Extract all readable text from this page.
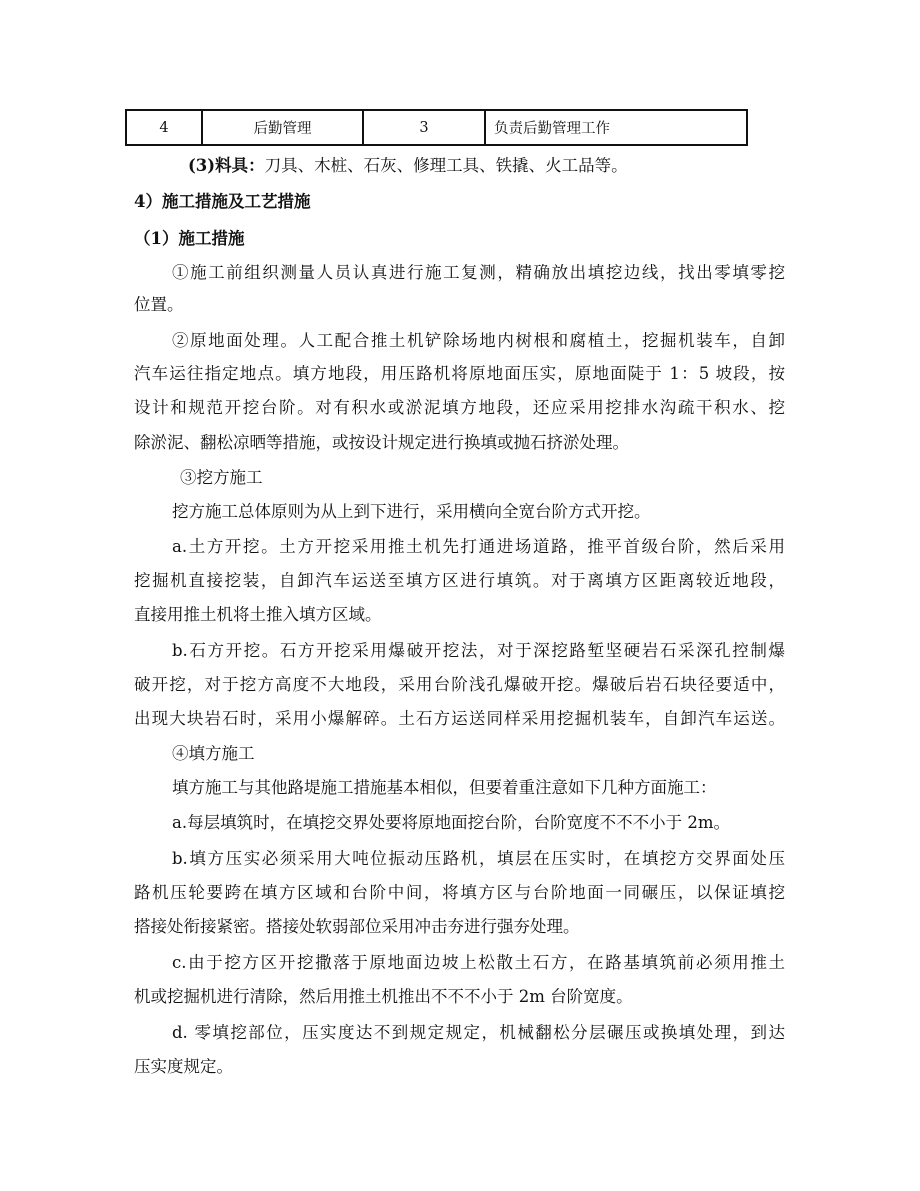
4	后勤管理	3	负责后勤管理工作
(3)料具：刀具、木桩、石灰、修理工具、铁撬、火工品等。
4）施工措施及工艺措施
（1）施工措施
①施工前组织测量人员认真进行施工复测，精确放出填挖边线，找出零填零挖
位置。
②原地面处理。人工配合推土机铲除场地内树根和腐植土，挖掘机装车，自卸
汽车运往指定地点。填方地段，用压路机将原地面压实，原地面陡于 1：5 坡段，按
设计和规范开挖台阶。对有积水或淤泥填方地段，还应采用挖排水沟疏干积水、挖
除淤泥、翻松凉晒等措施，或按设计规定进行换填或抛石挤淤处理。
③挖方施工
挖方施工总体原则为从上到下进行，采用横向全宽台阶方式开挖。
a.土方开挖。土方开挖采用推土机先打通进场道路，推平首级台阶，然后采用
挖掘机直接挖装，自卸汽车运送至填方区进行填筑。对于离填方区距离较近地段，
直接用推土机将土推入填方区域。
b.石方开挖。石方开挖采用爆破开挖法，对于深挖路堑坚硬岩石采深孔控制爆
破开挖，对于挖方高度不大地段，采用台阶浅孔爆破开挖。爆破后岩石块径要适中，
出现大块岩石时，采用小爆解碎。土石方运送同样采用挖掘机装车，自卸汽车运送。
④填方施工
填方施工与其他路堤施工措施基本相似，但要着重注意如下几种方面施工：
a.每层填筑时，在填挖交界处要将原地面挖台阶，台阶宽度不不不小于 2m。
b.填方压实必须采用大吨位振动压路机，填层在压实时，在填挖方交界面处压
路机压轮要跨在填方区域和台阶中间，将填方区与台阶地面一同碾压，以保证填挖
搭接处衔接紧密。搭接处软弱部位采用冲击夯进行强夯处理。
c.由于挖方区开挖撒落于原地面边坡上松散土石方，在路基填筑前必须用推土
机或挖掘机进行清除，然后用推土机推出不不不小于 2m 台阶宽度。
d. 零填挖部位，压实度达不到规定规定，机械翻松分层碾压或换填处理，到达
压实度规定。
